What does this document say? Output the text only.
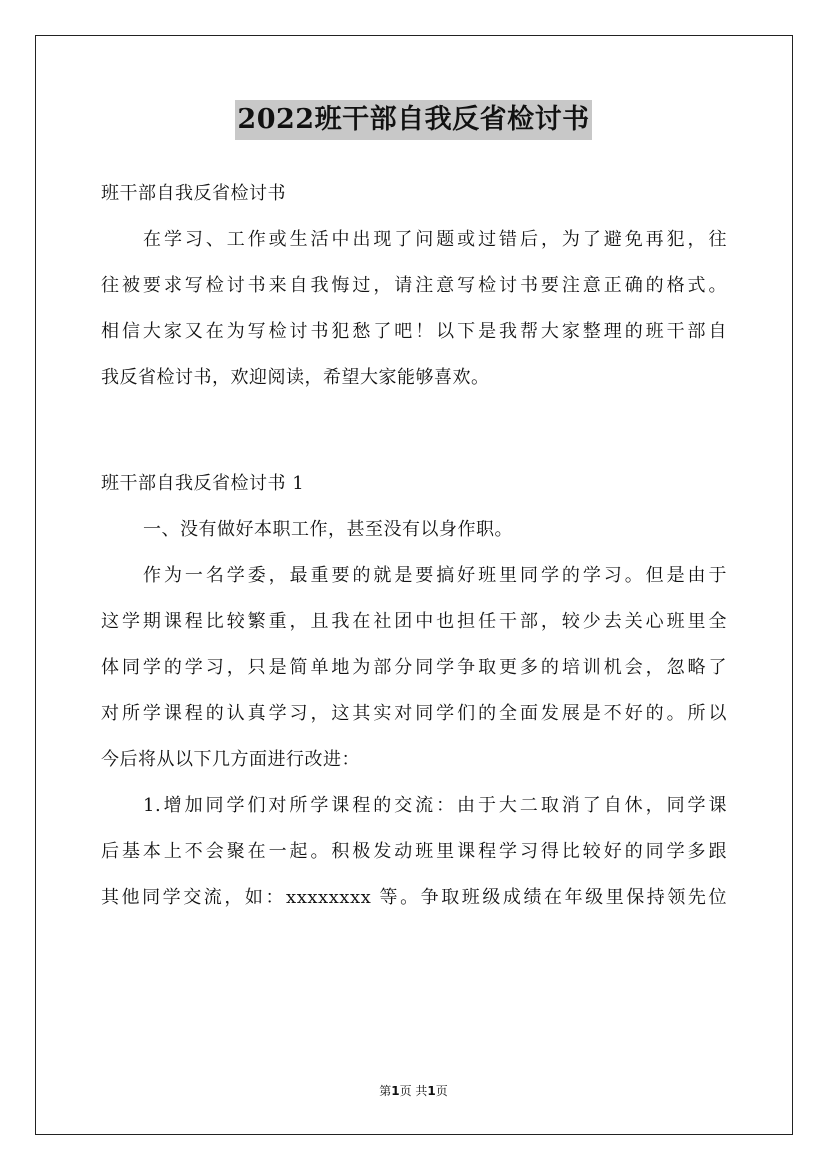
2022班干部自我反省检讨书

班干部自我反省检讨书

在学习、工作或生活中出现了问题或过错后，为了避免再犯，往

往被要求写检讨书来自我悔过，请注意写检讨书要注意正确的格式。

相信大家又在为写检讨书犯愁了吧！以下是我帮大家整理的班干部自

我反省检讨书，欢迎阅读，希望大家能够喜欢。

班干部自我反省检讨书 1

一、没有做好本职工作，甚至没有以身作职。

作为一名学委，最重要的就是要搞好班里同学的学习。但是由于

这学期课程比较繁重，且我在社团中也担任干部，较少去关心班里全

体同学的学习，只是简单地为部分同学争取更多的培训机会，忽略了

对所学课程的认真学习，这其实对同学们的全面发展是不好的。所以

今后将从以下几方面进行改进：

1.增加同学们对所学课程的交流：由于大二取消了自休，同学课

后基本上不会聚在一起。积极发动班里课程学习得比较好的同学多跟

其他同学交流，如：xxxxxxxx 等。争取班级成绩在年级里保持领先位

第1页 共1页
